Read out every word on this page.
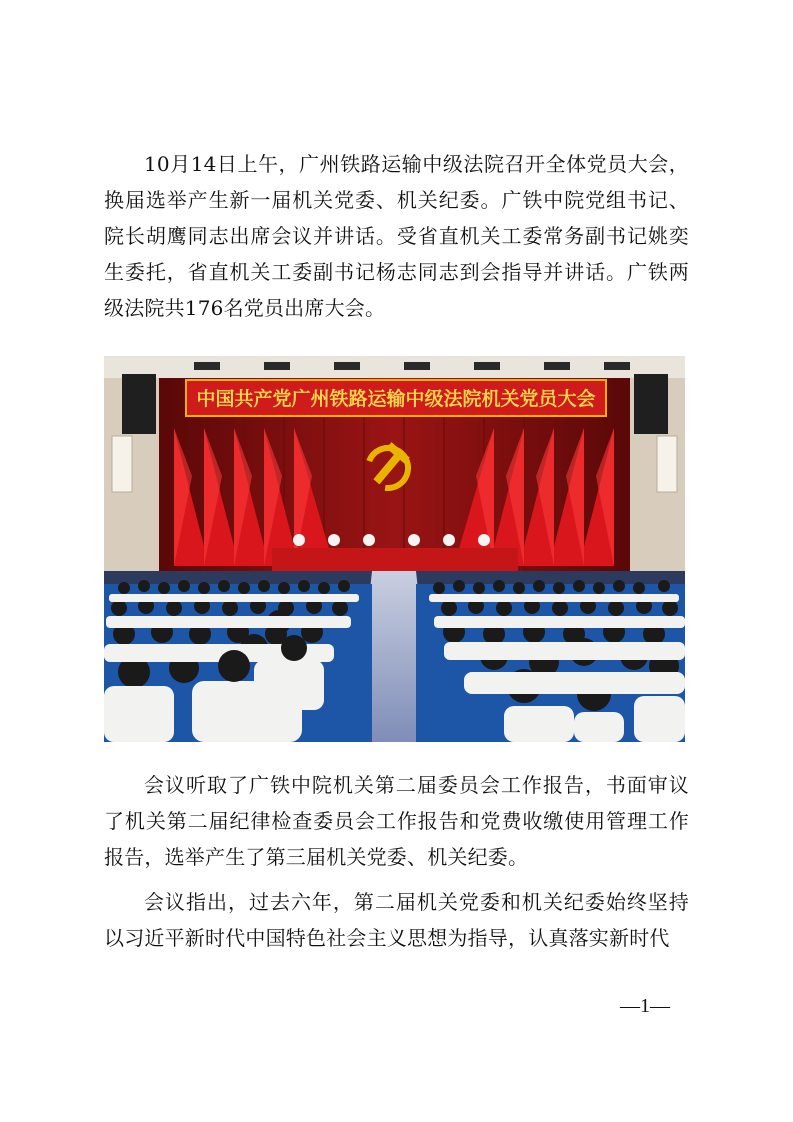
10月14日上午，广州铁路运输中级法院召开全体党员大会，换届选举产生新一届机关党委、机关纪委。广铁中院党组书记、院长胡鹰同志出席会议并讲话。受省直机关工委常务副书记姚奕生委托，省直机关工委副书记杨志同志到会指导并讲话。广铁两级法院共176名党员出席大会。

中国共产党广州铁路运输中级法院机关党员大会

会议听取了广铁中院机关第二届委员会工作报告，书面审议了机关第二届纪律检查委员会工作报告和党费收缴使用管理工作报告，选举产生了第三届机关党委、机关纪委。

会议指出，过去六年，第二届机关党委和机关纪委始终坚持以习近平新时代中国特色社会主义思想为指导，认真落实新时代

—1—
